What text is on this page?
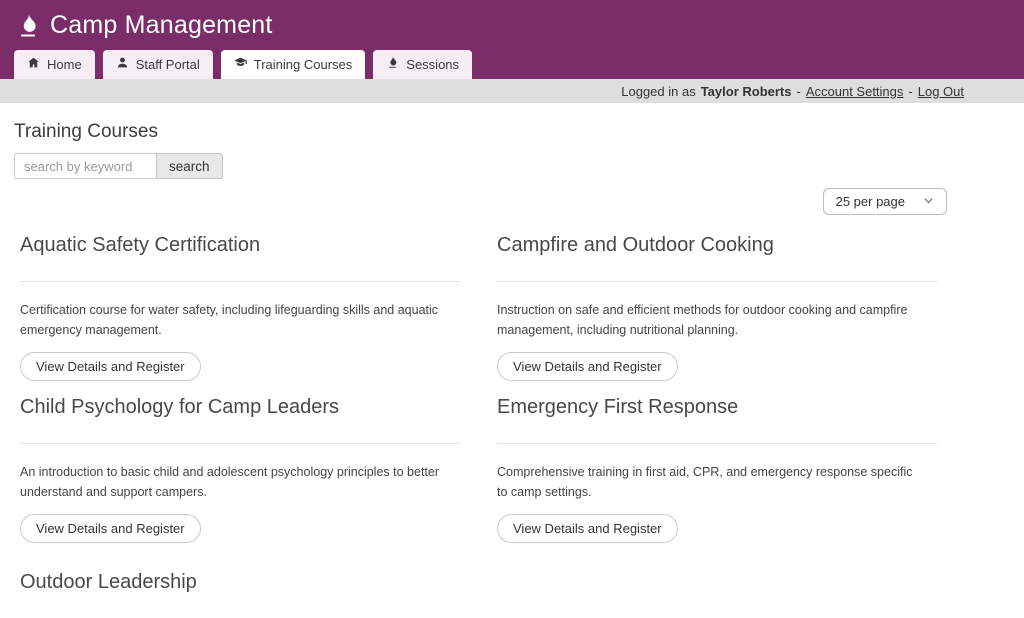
Camp Management
Home	Staff Portal	Training Courses	Sessions
Logged in as Taylor Roberts - Account Settings - Log Out
Training Courses
search by keyword
search
25 per page
Aquatic Safety Certification

Certification course for water safety, including lifeguarding skills and aquatic emergency management.

View Details and Register
Campfire and Outdoor Cooking

Instruction on safe and efficient methods for outdoor cooking and campfire management, including nutritional planning.

View Details and Register
Child Psychology for Camp Leaders

An introduction to basic child and adolescent psychology principles to better understand and support campers.

View Details and Register
Emergency First Response

Comprehensive training in first aid, CPR, and emergency response specific to camp settings.

View Details and Register
Outdoor Leadership
